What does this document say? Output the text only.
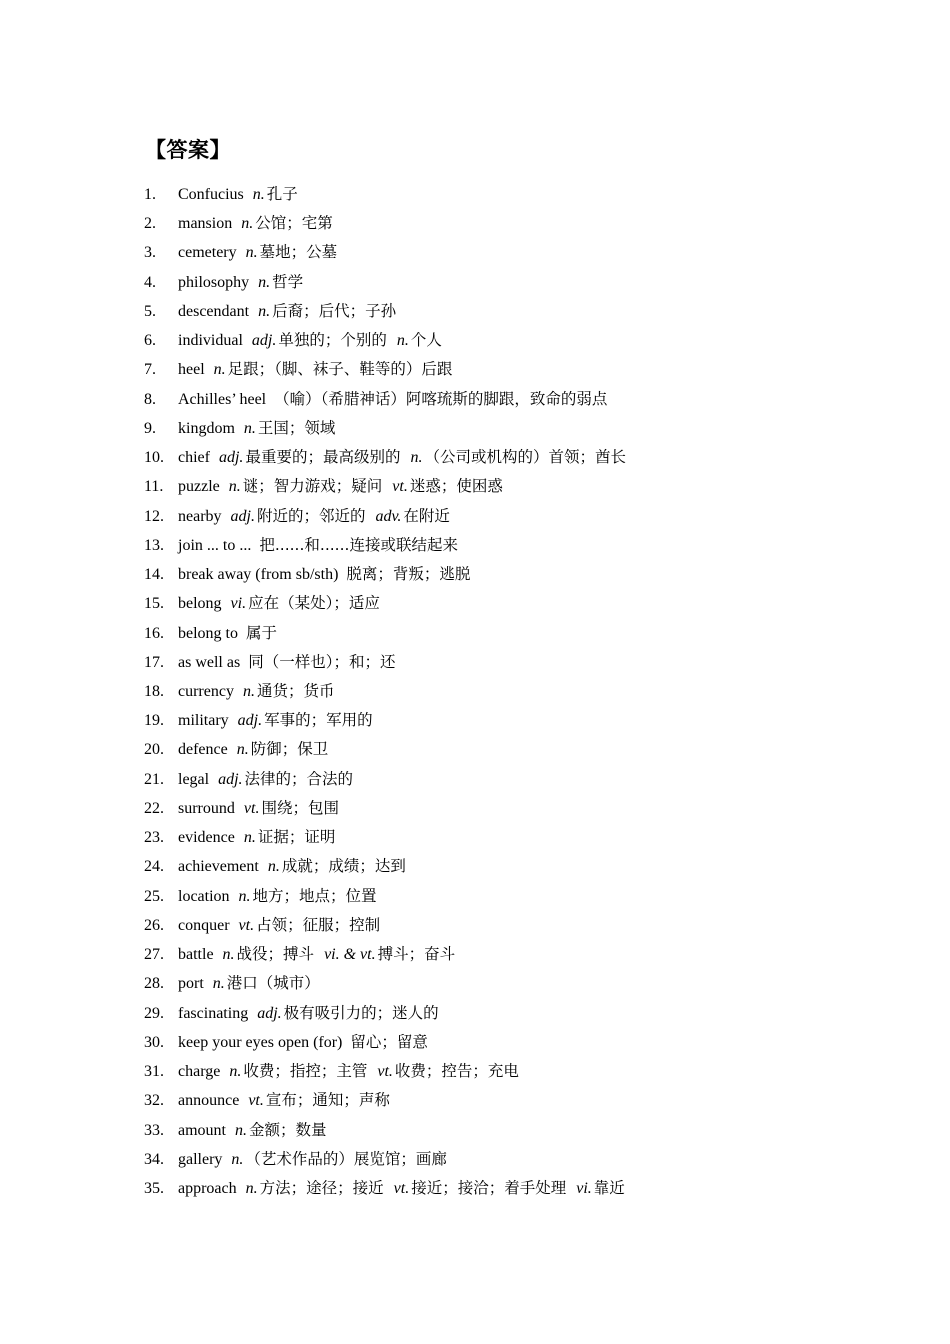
【答案】
1.	Confucius n. 孔子
2.	mansion n. 公馆；宅第
3.	cemetery n. 墓地；公墓
4.	philosophy n. 哲学
5.	descendant n. 后裔；后代；子孙
6.	individual adj. 单独的；个别的 n. 个人
7.	heel n. 足跟；（脚、袜子、鞋等的）后跟
8.	Achilles’ heel （喻）（希腊神话）阿喀琉斯的脚跟，致命的弱点
9.	kingdom n. 王国；领域
10. chief adj. 最重要的；最高级别的 n. （公司或机构的）首领；酋长
11. puzzle n. 谜；智力游戏；疑问 vt. 迷惑；使困惑
12. nearby adj. 附近的；邻近的 adv. 在附近
13. join ... to ... 把......和......连接或联结起来
14. break away (from sb/sth) 脱离；背叛；逃脱
15. belong vi. 应在（某处）；适应
16. belong to 属于
17. as well as 同（一样也）；和；还
18. currency n. 通货；货币
19. military adj. 军事的；军用的
20. defence n. 防御；保卫
21. legal adj. 法律的；合法的
22. surround vt. 围绕；包围
23. evidence n. 证据；证明
24. achievement n. 成就；成绩；达到
25. location n. 地方；地点；位置
26. conquer vt. 占领；征服；控制
27. battle n. 战役；搏斗 vi. & vt. 搏斗；奋斗
28. port n. 港口（城市）
29. fascinating adj. 极有吸引力的；迷人的
30. keep your eyes open (for) 留心；留意
31. charge n. 收费；指控；主管 vt. 收费；控告；充电
32. announce vt. 宣布；通知；声称
33. amount n. 金额；数量
34. gallery n. （艺术作品的）展览馆；画廊
35. approach n. 方法；途径；接近 vt. 接近；接洽；着手处理 vi. 靠近
